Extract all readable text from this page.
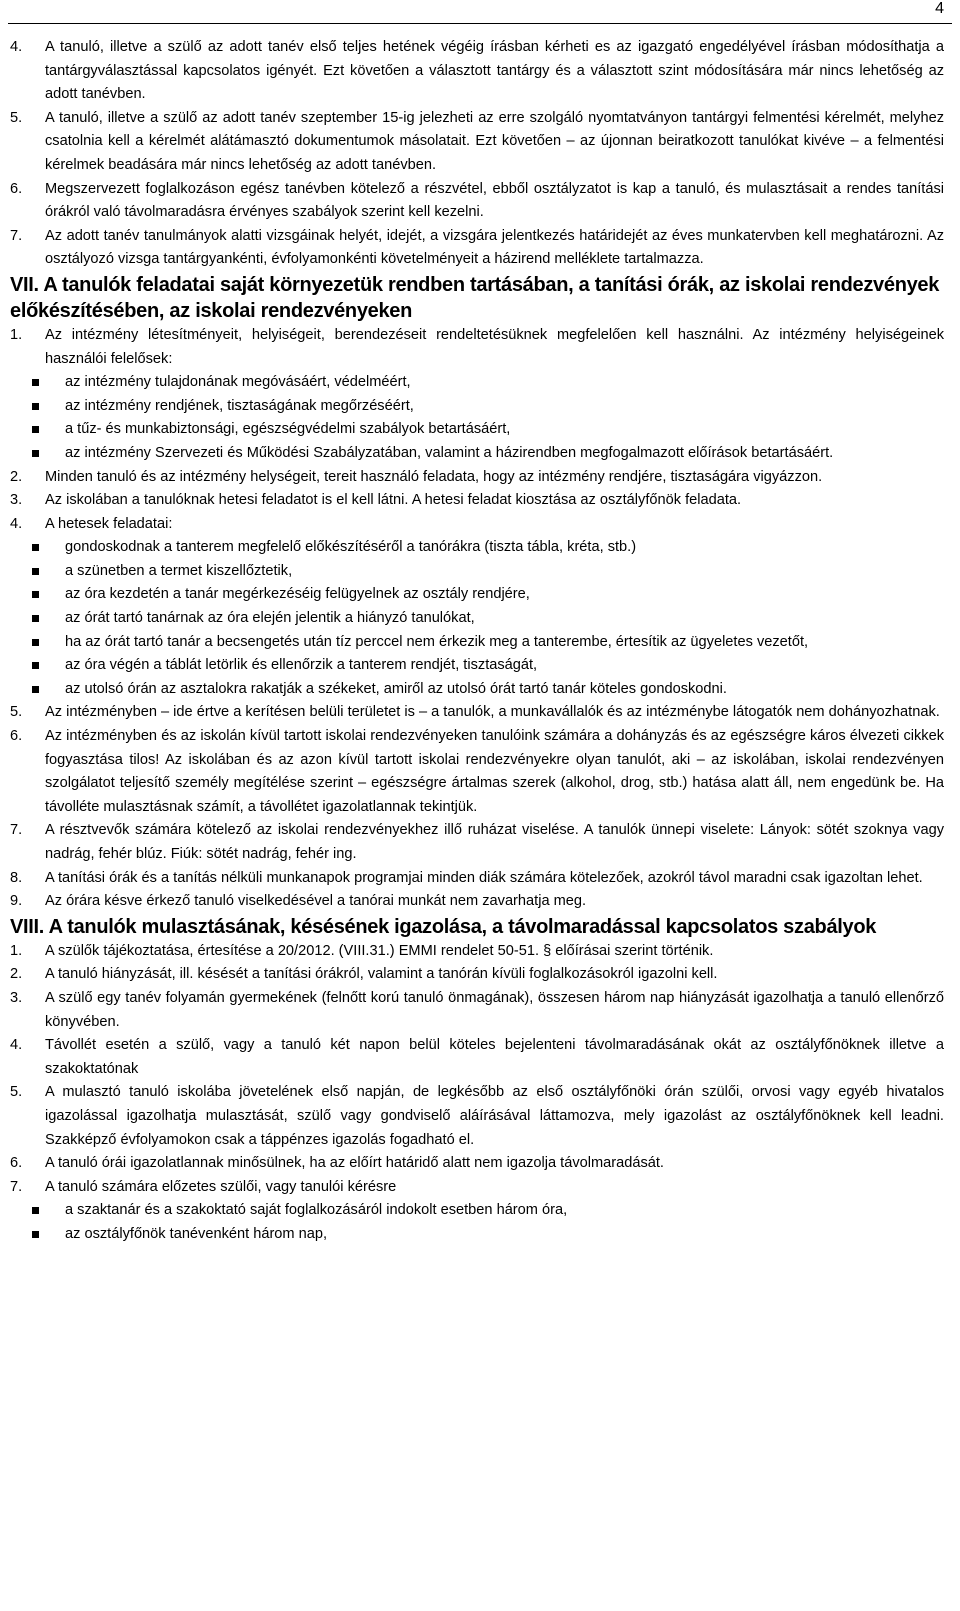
4
4. A tanuló, illetve a szülő az adott tanév első teljes hetének végéig írásban kérheti es az igazgató engedélyével írásban módosíthatja a tantárgyválasztással kapcsolatos igényét. Ezt követően a választott tantárgy és a választott szint módosítására már nincs lehetőség az adott tanévben.
5. A tanuló, illetve a szülő az adott tanév szeptember 15-ig jelezheti az erre szolgáló nyomtatványon tantárgyi felmentési kérelmét, melyhez csatolnia kell a kérelmét alátámasztó dokumentumok másolatait. Ezt követően – az újonnan beiratkozott tanulókat kivéve – a felmentési kérelmek beadására már nincs lehetőség az adott tanévben.
6. Megszervezett foglalkozáson egész tanévben kötelező a részvétel, ebből osztályzatot is kap a tanuló, és mulasztásait a rendes tanítási órákról való távolmaradásra érvényes szabályok szerint kell kezelni.
7. Az adott tanév tanulmányok alatti vizsgáinak helyét, idejét, a vizsgára jelentkezés határidejét az éves munkatervben kell meghatározni. Az osztályozó vizsga tantárgyankénti, évfolyamonkénti követelményeit a házirend melléklete tartalmazza.
VII. A tanulók feladatai saját környezetük rendben tartásában, a tanítási órák, az iskolai rendezvények előkészítésében, az iskolai rendezvényeken
1. Az intézmény létesítményeit, helyiségeit, berendezéseit rendeltetésüknek megfelelően kell használni. Az intézmény helyiségeinek használói felelősek:
az intézmény tulajdonának megóvásáért, védelméért,
az intézmény rendjének, tisztaságának megőrzéséért,
a tűz- és munkabiztonsági, egészségvédelmi szabályok betartásáért,
az intézmény Szervezeti és Működési Szabályzatában, valamint a házirendben megfogalmazott előírások betartásáért.
2. Minden tanuló és az intézmény helységeit, tereit használó feladata, hogy az intézmény rendjére, tisztaságára vigyázzon.
3. Az iskolában a tanulóknak hetesi feladatot is el kell látni. A hetesi feladat kiosztása az osztályfőnök feladata.
4. A hetesek feladatai:
gondoskodnak a tanterem megfelelő előkészítéséről a tanórákra (tiszta tábla, kréta, stb.)
a szünetben a termet kiszellőztetik,
az óra kezdetén a tanár megérkezéséig felügyelnek az osztály rendjére,
az órát tartó tanárnak az óra elején jelentik a hiányzó tanulókat,
ha az órát tartó tanár a becsengetés után tíz perccel nem érkezik meg a tanterembe, értesítik az ügyeletes vezetőt,
az óra végén a táblát letörlik és ellenőrzik a tanterem rendjét, tisztaságát,
az utolsó órán az asztalokra rakatják a székeket, amiről az utolsó órát tartó tanár köteles gondoskodni.
5. Az intézményben – ide értve a kerítésen belüli területet is – a tanulók, a munkavállalók és az intézménybe látogatók nem dohányozhatnak.
6. Az intézményben és az iskolán kívül tartott iskolai rendezvényeken tanulóink számára a dohányzás és az egészségre káros élvezeti cikkek fogyasztása tilos! Az iskolában és az azon kívül tartott iskolai rendezvényekre olyan tanulót, aki – az iskolában, iskolai rendezvényen szolgálatot teljesítő személy megítélése szerint – egészségre ártalmas szerek (alkohol, drog, stb.) hatása alatt áll, nem engedünk be. Ha távolléte mulasztásnak számít, a távollétet igazolatlannak tekintjük.
7. A résztvevők számára kötelező az iskolai rendezvényekhez illő ruházat viselése. A tanulók ünnepi viselete: Lányok: sötét szoknya vagy nadrág, fehér blúz. Fiúk: sötét nadrág, fehér ing.
8. A tanítási órák és a tanítás nélküli munkanapok programjai minden diák számára kötelezőek, azokról távol maradni csak igazoltan lehet.
9. Az órára késve érkező tanuló viselkedésével a tanórai munkát nem zavarhatja meg.
VIII. A tanulók mulasztásának, késésének igazolása, a távolmaradással kapcsolatos szabályok
1. A szülők tájékoztatása, értesítése a 20/2012. (VIII.31.) EMMI rendelet 50-51. § előírásai szerint történik.
2. A tanuló hiányzását, ill. késését a tanítási órákról, valamint a tanórán kívüli foglalkozásokról igazolni kell.
3. A szülő egy tanév folyamán gyermekének (felnőtt korú tanuló önmagának), összesen három nap hiányzását igazolhatja a tanuló ellenőrző könyvében.
4. Távollét esetén a szülő, vagy a tanuló két napon belül köteles bejelenteni távolmaradásának okát az osztályfőnöknek illetve a szakoktatónak
5. A mulasztó tanuló iskolába jövetelének első napján, de legkésőbb az első osztályfőnöki órán szülői, orvosi vagy egyéb hivatalos igazolással igazolhatja mulasztását, szülő vagy gondviselő aláírásával láttamozva, mely igazolást az osztályfőnöknek kell leadni. Szakképző évfolyamokon csak a táppénzes igazolás fogadható el.
6. A tanuló órái igazolatlannak minősülnek, ha az előírt határidő alatt nem igazolja távolmaradását.
7. A tanuló számára előzetes szülői, vagy tanulói kérésre
a szaktanár és a szakoktató saját foglalkozásáról indokolt esetben három óra,
az osztályfőnök tanévenként három nap,
